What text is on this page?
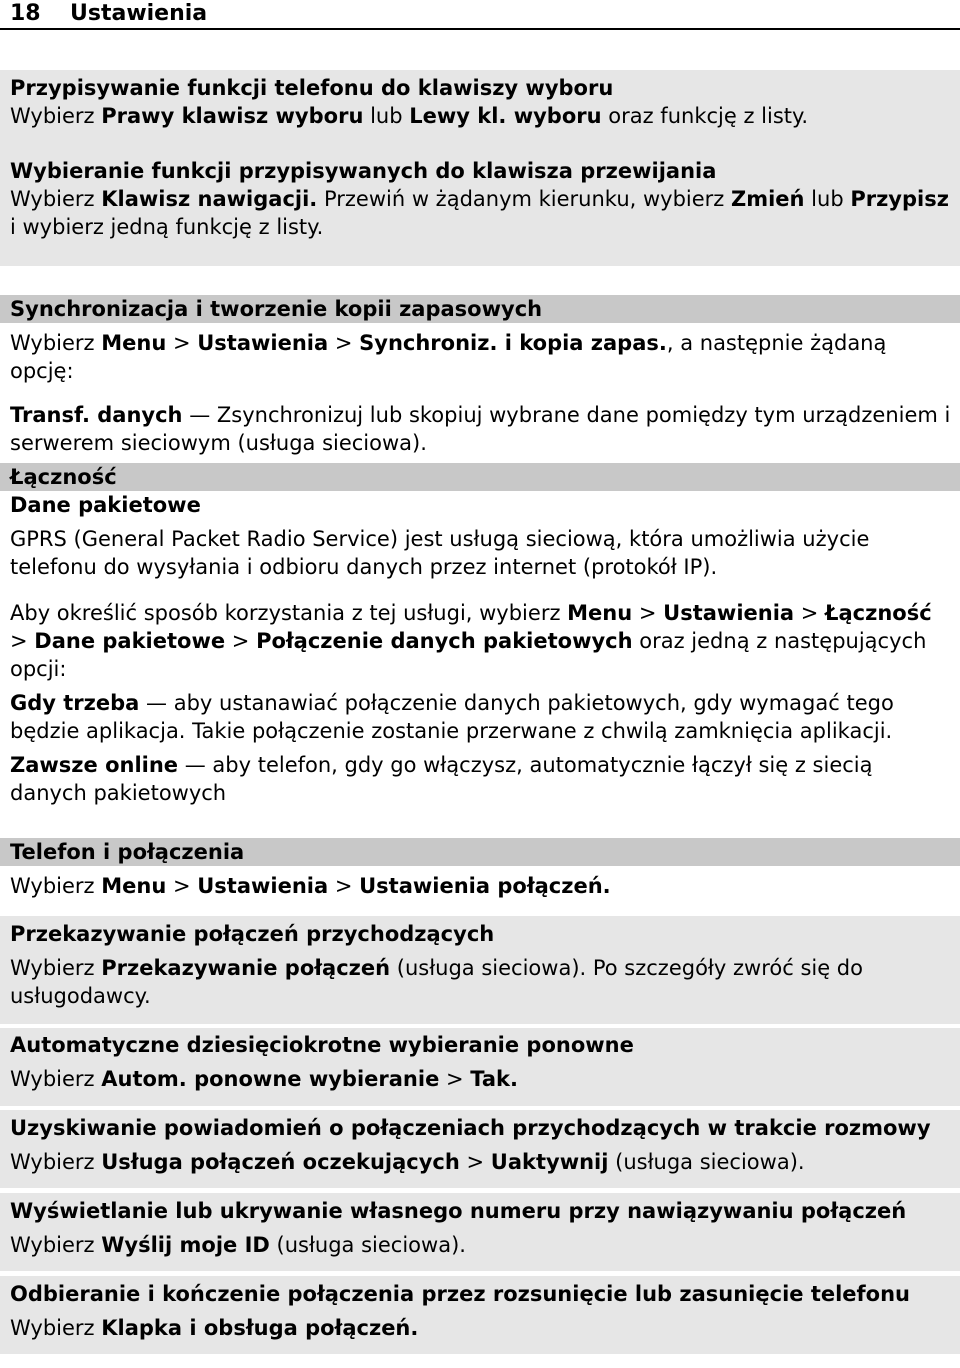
18 Ustawienia

Przypisywanie funkcji telefonu do klawiszy wyboru

Wybierz Prawy klawisz wyboru lub Lewy kl. wyboru oraz funkcję z listy.

Wybieranie funkcji przypisywanych do klawisza przewijania

Wybierz Klawisz nawigacji. Przewiń w żądanym kierunku, wybierz Zmień lub Przypisz i wybierz jedną funkcję z listy.

Synchronizacja i tworzenie kopii zapasowych

Wybierz Menu > Ustawienia > Synchroniz. i kopia zapas., a następnie żądaną opcję:

Transf. danych — Zsynchronizuj lub skopiuj wybrane dane pomiędzy tym urządzeniem i serwerem sieciowym (usługa sieciowa).

Łączność

Dane pakietowe

GPRS (General Packet Radio Service) jest usługą sieciową, która umożliwia użycie telefonu do wysyłania i odbioru danych przez internet (protokół IP).

Aby określić sposób korzystania z tej usługi, wybierz Menu > Ustawienia > Łączność > Dane pakietowe > Połączenie danych pakietowych oraz jedną z następujących opcji:

Gdy trzeba — aby ustanawiać połączenie danych pakietowych, gdy wymagać tego będzie aplikacja. Takie połączenie zostanie przerwane z chwilą zamknięcia aplikacji.

Zawsze online — aby telefon, gdy go włączysz, automatycznie łączył się z siecią danych pakietowych

Telefon i połączenia

Wybierz Menu > Ustawienia > Ustawienia połączeń.

Przekazywanie połączeń przychodzących

Wybierz Przekazywanie połączeń (usługa sieciowa). Po szczegóły zwróć się do usługodawcy.

Automatyczne dziesięciokrotne wybieranie ponowne

Wybierz Autom. ponowne wybieranie > Tak.

Uzyskiwanie powiadomień o połączeniach przychodzących w trakcie rozmowy

Wybierz Usługa połączeń oczekujących > Uaktywnij (usługa sieciowa).

Wyświetlanie lub ukrywanie własnego numeru przy nawiązywaniu połączeń

Wybierz Wyślij moje ID (usługa sieciowa).

Odbieranie i kończenie połączenia przez rozsunięcie lub zasunięcie telefonu

Wybierz Klapka i obsługa połączeń.
